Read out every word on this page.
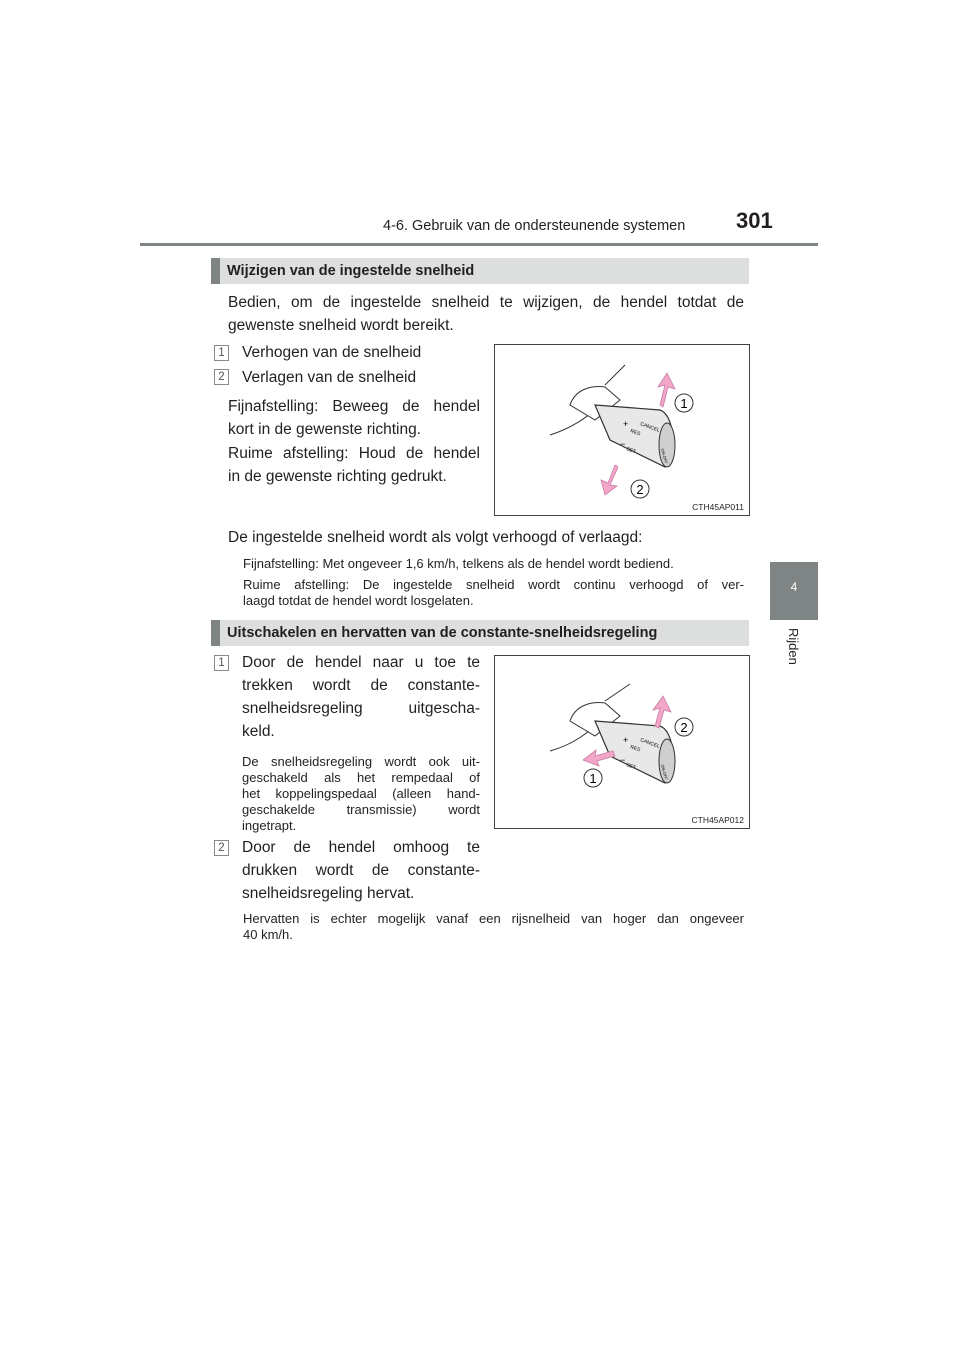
4-6. Gebruik van de ondersteunende systemen 301
4
Rijden
Wijzigen van de ingestelde snelheid
Bedien, om de ingestelde snelheid te wijzigen, de hendel totdat de
gewenste snelheid wordt bereikt.
1 Verhogen van de snelheid
2 Verlagen van de snelheid
Fijnafstelling: Beweeg de hendel
kort in de gewenste richting.
Ruime afstelling: Houd de hendel
in de gewenste richting gedrukt.
CANCEL
+
RES
−
SET	ON-OFF
1
2
CTH45AP011
De ingestelde snelheid wordt als volgt verhoogd of verlaagd:
Fijnafstelling: Met ongeveer 1,6 km/h, telkens als de hendel wordt bediend.
Ruime afstelling: De ingestelde snelheid wordt continu verhoogd of ver-
laagd totdat de hendel wordt losgelaten.
Uitschakelen en hervatten van de constante-snelheidsregeling
1 Door de hendel naar u toe te
trekken wordt de constante-
snelheidsregeling uitgescha-
keld.
De snelheidsregeling wordt ook uit-
geschakeld als het rempedaal of
het koppelingspedaal (alleen hand-
geschakelde transmissie) wordt
ingetrapt.
2 Door de hendel omhoog te
drukken wordt de constante-
snelheidsregeling hervat.
Hervatten is echter mogelijk vanaf een rijsnelheid van hoger dan ongeveer
40 km/h.
CANCEL
+
RES
−
SET	ON-OFF
2
1
CTH45AP012
